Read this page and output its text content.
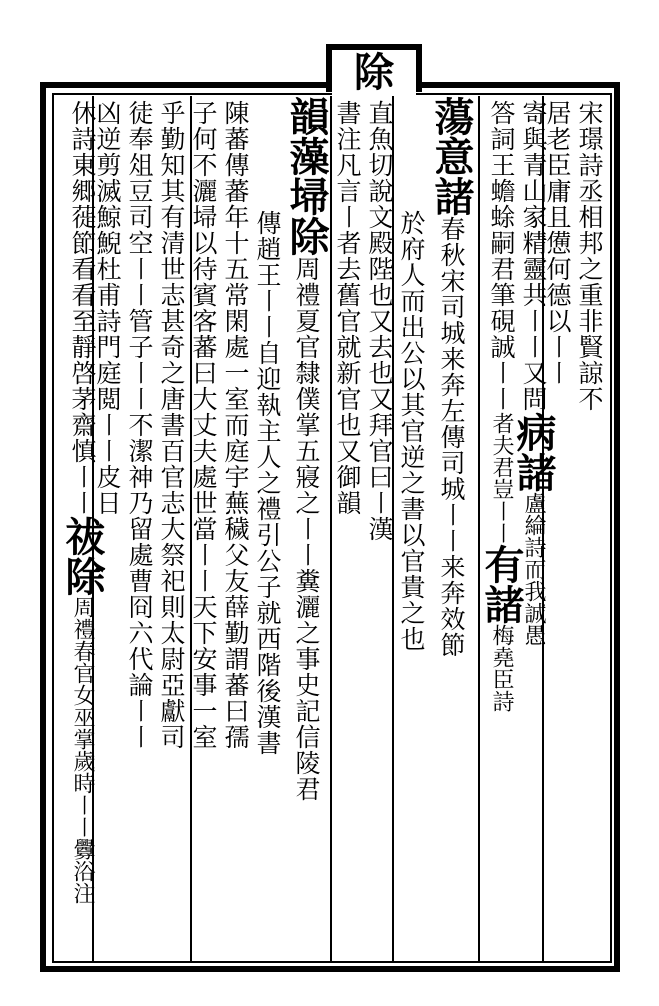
除
宋璟詩丞相邦之重非賢諒不
居老臣庸且憊何德以〡〡
寄與青山家精靈共〡〡又問
病諸
盧綸詩而我誠愚
答詞王蟾蜍嗣君筆硯誠〡〡
者夫君豈〡〡
有諸
梅堯臣詩
蕩意諸
春秋宋司城来奔左傳司城〡〡来奔效節
於府人而出公以其官逆之書以官貴之也
直魚切說文殿陛也又去也又拜官曰〡漢
書注凡言〡者去舊官就新官也又御韻
韻藻埽除
周禮夏官隸僕掌五寢之〡〡糞灑之事史記信陵君
傳趙王〡〡自迎執主人之禮引公子就西階後漢書
陳蕃傳蕃年十五常閑處一室而庭宇蕪穢父友薛勤謂蕃曰孺
子何不灑埽以待賓客蕃曰大丈夫處世當〡〡天下安事一室
乎勤知其有清世志甚奇之唐書百官志大祭祀則太尉亞獻司
徒奉俎豆司空〡〡管子〡〡不潔神乃留處曹冏六代論〡〡
凶逆剪滅鯨鯢杜甫詩門庭閲〡〡皮日
休詩東郷蓰節看看至靜啓茅齋慎〡〡
祓除
周禮春官女巫掌歲時〡〡釁浴注
